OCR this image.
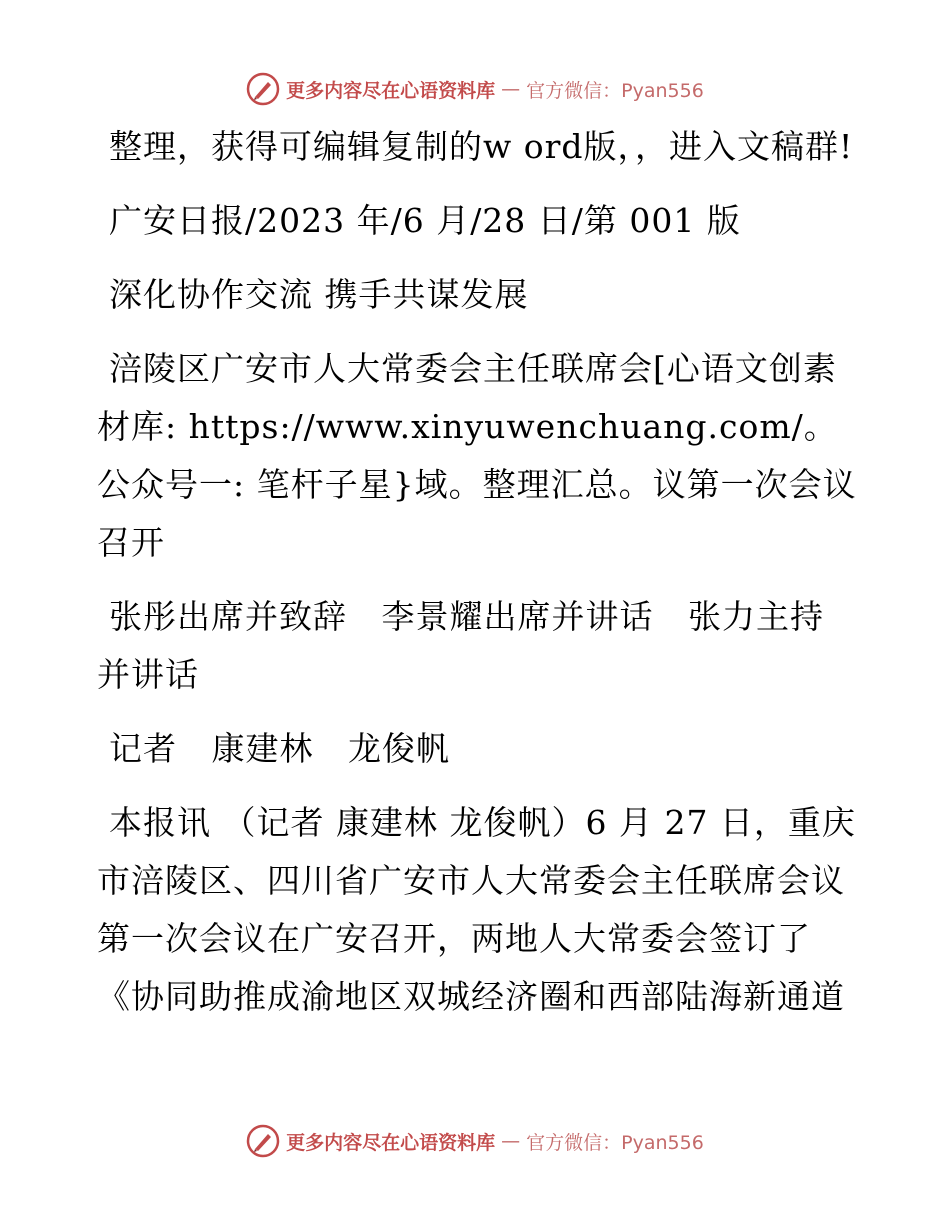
更多内容尽在心语资料库 — 官方微信：Pyan556

整理，获得可编辑复制的w ord版，，进入文稿群!

广安日报/2023 年/6 月/28 日/第 001 版

深化协作交流 携手共谋发展

涪陵区广安市人大常委会主任联席会[心语文创素材库: https://www.xinyuwenchuang.com/。公众号一: 笔杆子星}域。整理汇总。议第一次会议召开

张彤出席并致辞   李景耀出席并讲话   张力主持并讲话

记者   康建林   龙俊帆

本报讯 （记者 康建林 龙俊帆）6 月 27 日，重庆市涪陵区、四川省广安市人大常委会主任联席会议第一次会议在广安召开，两地人大常委会签订了《协同助推成渝地区双城经济圈和西部陆海新通道

更多内容尽在心语资料库 — 官方微信：Pyan556
